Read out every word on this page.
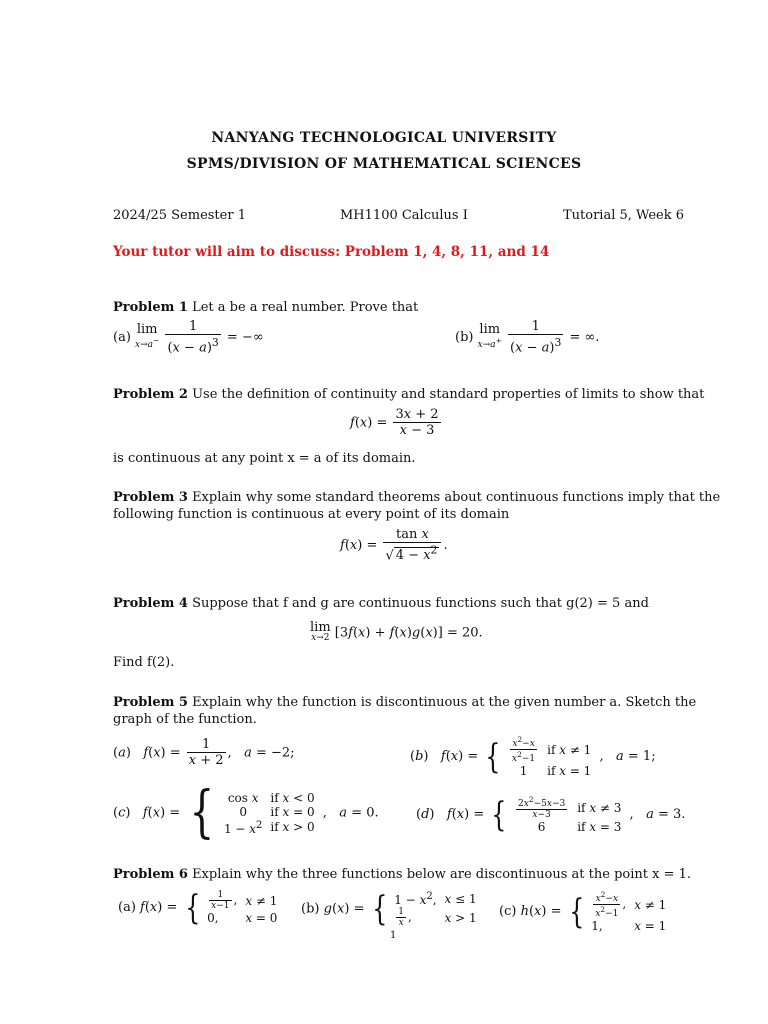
NANYANG TECHNOLOGICAL UNIVERSITY
SPMS/DIVISION OF MATHEMATICAL SCIENCES
2024/25 Semester 1	MH1100 Calculus I	Tutorial 5, Week 6
Your tutor will aim to discuss: Problem 1, 4, 8, 11, and 14
Problem 1 Let a be a real number. Prove that
(a) lim
x→a−
$\frac{1}{(x - a)^3}$ = −∞	(b) lim
x→a+
$\frac{1}{(x - a)^3}$ = ∞.
Problem 2 Use the definition of continuity and standard properties of limits to show that
$f(x) = \frac{3x + 2}{x - 3}$
is continuous at any point x = a of its domain.
Problem 3 Explain why some standard theorems about continuous functions imply that the
following function is continuous at every point of its domain
$f(x) = \frac{\text{tan x}}{√ 4 - x^2}$ .
Problem 4 Suppose that f and g are continuous functions such that g(2) = 5 and
lim
x→2 [3f(x) + f(x)g(x)] = 20.
Find f(2).
Problem 5 Explain why the function is discontinuous at the given number a. Sketch the
graph of the function.
(a)   $f(x) = \frac{1}{x + 2}$ ,   a = −2;	(b)   f(x) = { $\frac{x^2-x}{x^2-1}$	if x ≠ 1
1	if x = 1
,   a = 1;
(c)   f(x) = { cos x	if x < 0
0	if x = 0
$1 - x^2$	if x > 0
,   a = 0.	(d)   f(x) = { $\frac{2x^2-5x-3}{x-3}$	if x ≠ 3
6	if x = 3
,   a = 3.
Problem 6 Explain why the three functions below are discontinuous at the point x = 1.
(a) f(x) = { $\frac{1}{x-1}$ ,	x ≠ 1
0,	x = 0
(b) g(x) = { $1 - x^2$,	x ≤ 1

$\frac{1}{x}$ ,	x > 1 (c) h(x) = { $\frac{x^2-x}{x^2-1}$ ,	x ≠ 1
1,	x = 1
1
